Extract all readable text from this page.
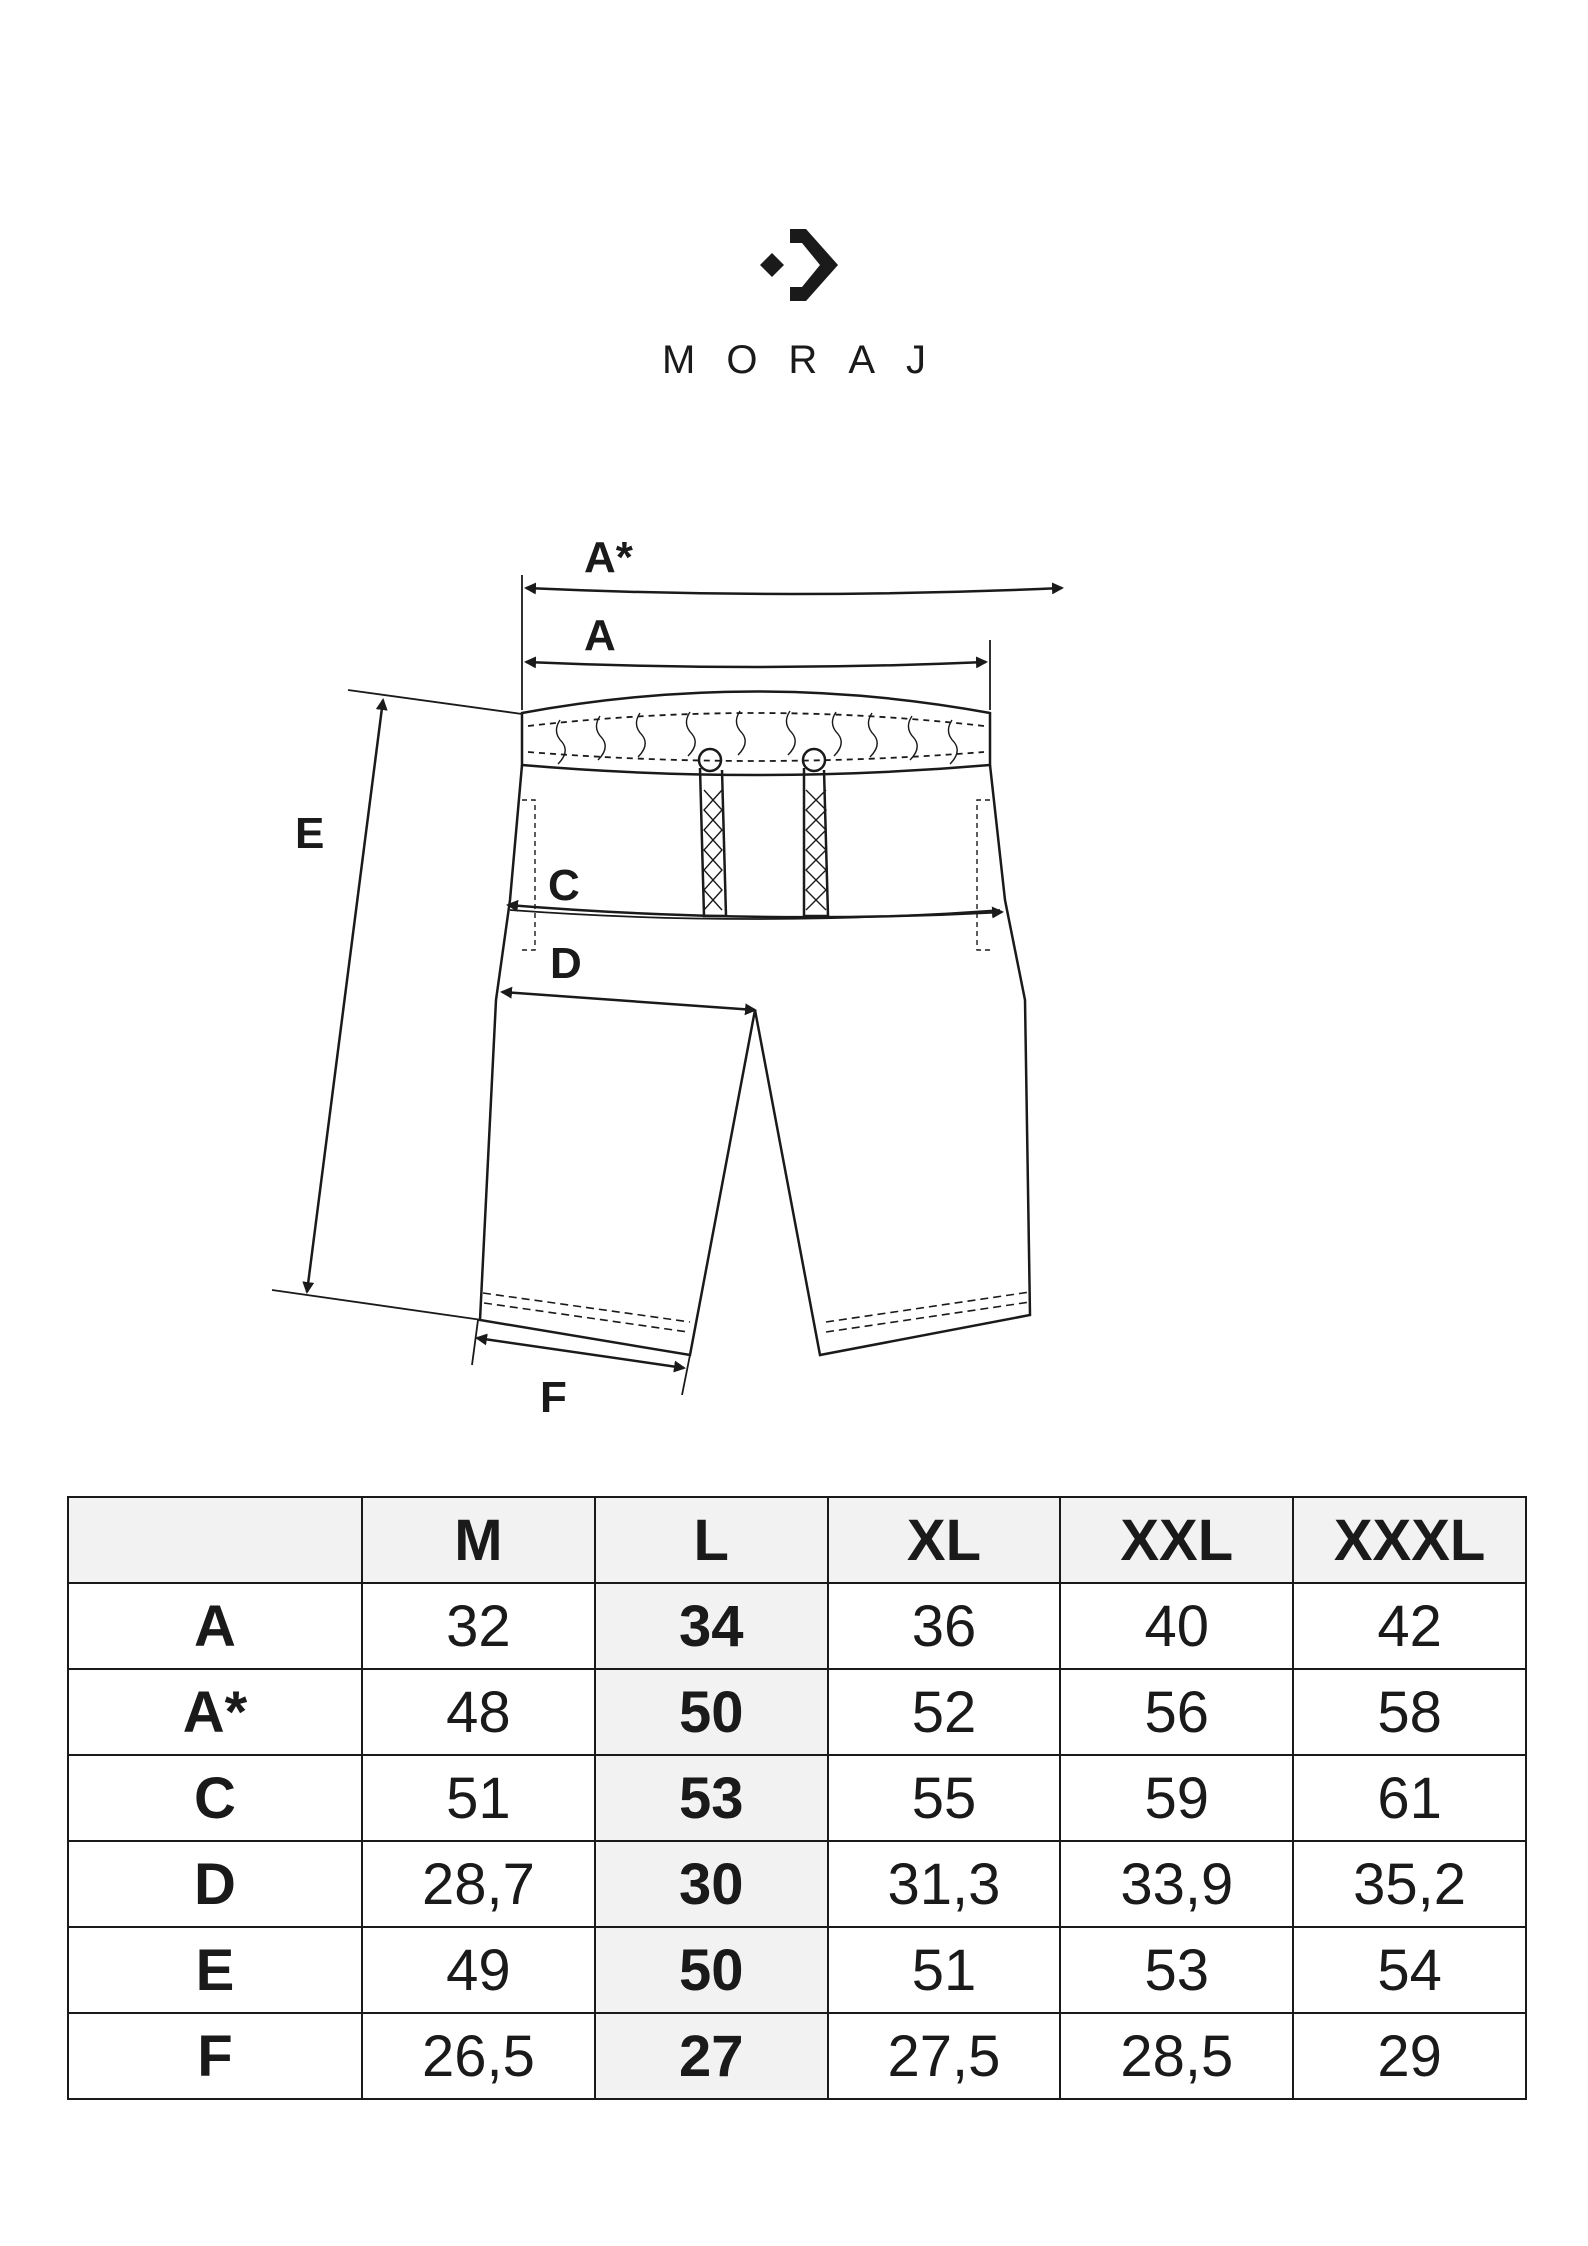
MORAJ
A*
A
E
C
D
F
	M	L	XL	XXL	XXXL
A	32	34	36	40	42
A*	48	50	52	56	58
C	51	53	55	59	61
D	28,7	30	31,3	33,9	35,2
E	49	50	51	53	54
F	26,5	27	27,5	28,5	29
